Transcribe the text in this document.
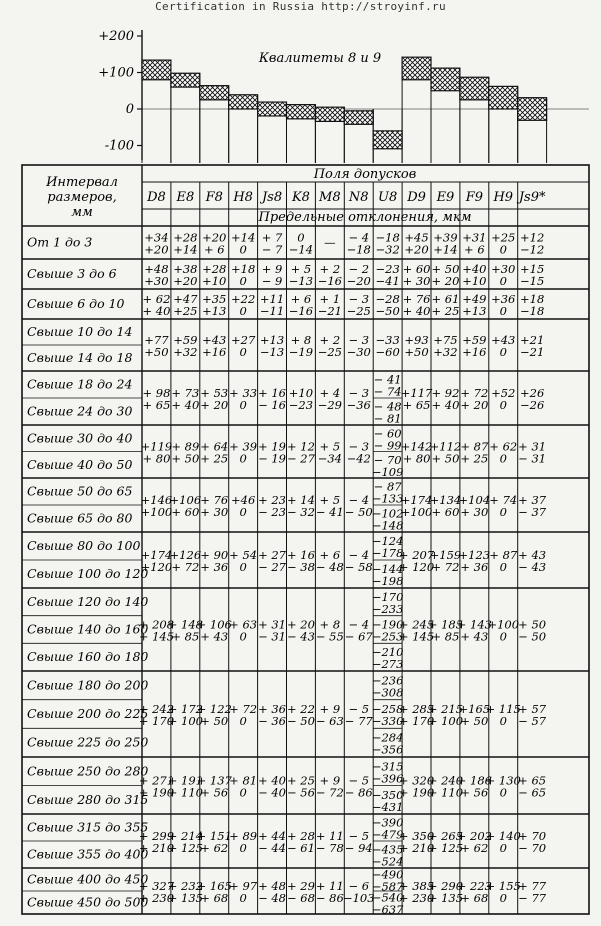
Certification in Russia http://stroyinf.ru
+200
+100
0
-100
Квалитеты 8 и 9
Интервал размеров, мм
Поля допусков
Предельные отклонения, мкм
D8 E8 F8 H8 Js8 K8 M8 N8 U8 D9 E9 F9 H9 Js9*
От 1 до 3	+34
+20
+28
+14
+20
+ 6
+14
0
+ 7
− 7
0
−14 — − 4
−18
−18
−32
+45
+20
+39
+14
+31
+ 6
+25
0
+12
−12
Свыше 3 до 6 +48
+30
+38
+20
+28
+10
+18
0
+ 9
− 9
+ 5
−13
+ 2
−16
− 2
−20
−23
−41
+ 60
+ 30
+ 50
+ 20
+40
+10
+30
0
+15
−15
Свыше 6 до 10 + 62
+ 40
+47
+25
+35
+13
+22
0
+11
−11
+ 6
−16
+ 1
−21
− 3
−25
−28
−50
+ 76
+ 40
+ 61
+ 25
+49
+13
+36
0
+18
−18
Свыше 10 до 14
Свыше 14 до 18
+77
+50
+59
+32
+43
+16
+27
0
+13
−13
+ 8
−19
+ 2
−25
− 3
−30
−33
−60
+93
+50
+75
+32
+59
+16
+43
0
+21
−21
Свыше 18 до 24
Свыше 24 до 30
+ 98
+ 65
+ 73
+ 40
+ 53
+ 20
+ 33
0
+ 16
− 16
+10
−23
+ 4
−29
− 3
−36
− 41
− 74
− 48
− 81
+117
+ 65
+ 92
+ 40
+ 72
+ 20
+52
0
+26
−26
Свыше 30 до 40
Свыше 40 до 50
+119
+ 80
+ 89
+ 50
+ 64
+ 25
+ 39
0
+ 19
− 19
+ 12
− 27
+ 5
−34
− 3
−42
− 60
− 99
− 70
−109
+142
+ 80
+112
+ 50
+ 87
+ 25
+ 62
0
+ 31
− 31
Свыше 50 до 65
Свыше 65 до 80
+146
+100
+106
+ 60
+ 76
+ 30
+46
0
+ 23
− 23
+ 14
− 32
+ 5
− 41
− 4
− 50
− 87
−133
−102
−148
+174
+100
+134
+ 60
+104
+ 30
+ 74
0
+ 37
− 37
Свыше 80 до 100
Свыше 100 до 120
+174
+120
+126
+ 72
+ 90
+ 36
+ 54
0
+ 27
− 27
+ 16
− 38
+ 6
− 48
− 4
− 58
−124
−178
−144
−198
+ 207
+ 120
+159
+ 72
+123
+ 36
+ 87
0
+ 43
− 43
Свыше 120 до 140
Свыше 140 до 160
Свыше 160 до 180
+ 208
+ 145
+ 148
+ 85
+ 106
+ 43
+ 63
0
+ 31
− 31
+ 20
− 43
+ 8
− 55
− 4
− 67
−170
−233
−190
−253
−210
−273
+ 245
+ 145
+ 185
+ 85
+ 143
+ 43
+100
0
+ 50
− 50
Свыше 180 до 200
Свыше 200 до 225
Свыше 225 до 250
+ 242
+ 170
+ 172
+ 100
+ 122
+ 50
+ 72
0
+ 36
− 36
+ 22
− 50
+ 9
− 63
− 5
− 77
−236
−308
−258
−330
−284
−356
+ 285
+ 170
+ 215
+ 100
+165
+ 50
+ 115
0
+ 57
− 57
Свыше 250 до 280
Свыше 280 до 315
+ 271
+ 190
+ 191
+ 110
+ 137
+ 56
+ 81
0
+ 40
− 40
+ 25
− 56
+ 9
− 72
− 5
− 86
−315
−396
−350
−431
+ 320
+ 190
+ 240
+ 110
+ 186
+ 56
+ 130
0
+ 65
− 65
Свыше 315 до 355
Свыше 355 до 400
+ 299
+ 210
+ 214
+ 125
+ 151
+ 62
+ 89
0
+ 44
− 44
+ 28
− 61
+ 11
− 78
− 5
− 94
−390
−479
−435
−524
+ 350
+ 210
+ 265
+ 125
+ 202
+ 62
+ 140
0
+ 70
− 70
Свыше 400 до 450
Свыше 450 до 500
+ 327
+ 230
+ 232
+ 135
+ 165
+ 68
+ 97
0
+ 48
− 48
+ 29
− 68
+ 11
− 86
− 6
−103
−490
−587
−540
−637
+ 385
+ 230
+ 290
+ 135
+ 223
+ 68
+ 155
0
+ 77
− 77
